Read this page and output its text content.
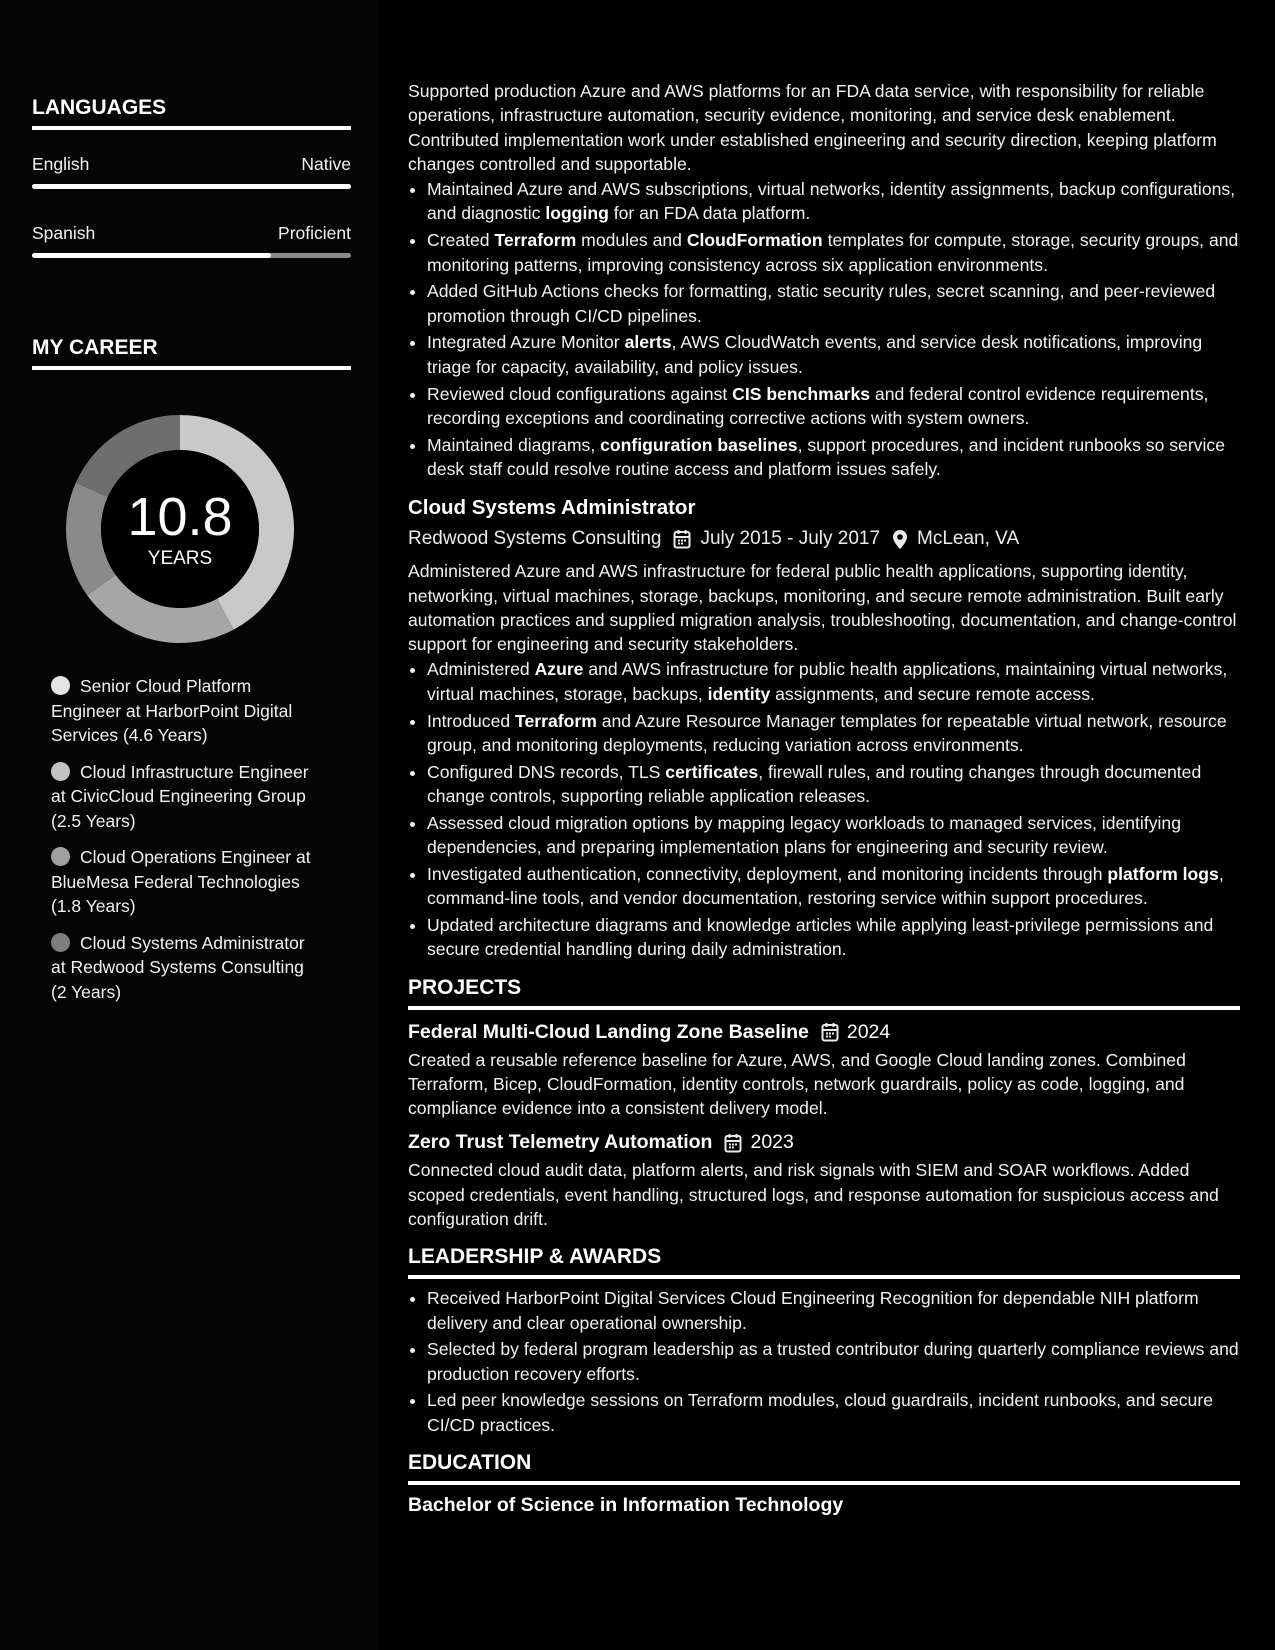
LANGUAGES
English	Native
Spanish	Proficient
MY CAREER
10.8
YEARS
Senior Cloud Platform Engineer at HarborPoint Digital Services (4.6 Years)
Cloud Infrastructure Engineer at CivicCloud Engineering Group (2.5 Years)
Cloud Operations Engineer at BlueMesa Federal Technologies (1.8 Years)
Cloud Systems Administrator at Redwood Systems Consulting (2 Years)

Supported production Azure and AWS platforms for an FDA data service, with responsibility for reliable operations, infrastructure automation, security evidence, monitoring, and service desk enablement. Contributed implementation work under established engineering and security direction, keeping platform changes controlled and supportable.

• Maintained Azure and AWS subscriptions, virtual networks, identity assignments, backup configurations, and diagnostic logging for an FDA data platform.
• Created Terraform modules and CloudFormation templates for compute, storage, security groups, and monitoring patterns, improving consistency across six application environments.
• Added GitHub Actions checks for formatting, static security rules, secret scanning, and peer-reviewed promotion through CI/CD pipelines.
• Integrated Azure Monitor alerts, AWS CloudWatch events, and service desk notifications, improving triage for capacity, availability, and policy issues.
• Reviewed cloud configurations against CIS benchmarks and federal control evidence requirements, recording exceptions and coordinating corrective actions with system owners.
• Maintained diagrams, configuration baselines, support procedures, and incident runbooks so service desk staff could resolve routine access and platform issues safely.
Cloud Systems Administrator
Redwood Systems Consulting July 2015 - July 2017 McLean, VA

Administered Azure and AWS infrastructure for federal public health applications, supporting identity, networking, virtual machines, storage, backups, monitoring, and secure remote administration. Built early automation practices and supplied migration analysis, troubleshooting, documentation, and change-control support for engineering and security stakeholders.

• Administered Azure and AWS infrastructure for public health applications, maintaining virtual networks, virtual machines, storage, backups, identity assignments, and secure remote access.
• Introduced Terraform and Azure Resource Manager templates for repeatable virtual network, resource group, and monitoring deployments, reducing variation across environments.
• Configured DNS records, TLS certificates, firewall rules, and routing changes through documented change controls, supporting reliable application releases.
• Assessed cloud migration options by mapping legacy workloads to managed services, identifying dependencies, and preparing implementation plans for engineering and security review.
• Investigated authentication, connectivity, deployment, and monitoring incidents through platform logs, command-line tools, and vendor documentation, restoring service within support procedures.
• Updated architecture diagrams and knowledge articles while applying least-privilege permissions and secure credential handling during daily administration.
PROJECTS
Federal Multi-Cloud Landing Zone Baseline 2024

Created a reusable reference baseline for Azure, AWS, and Google Cloud landing zones. Combined Terraform, Bicep, CloudFormation, identity controls, network guardrails, policy as code, logging, and compliance evidence into a consistent delivery model.

Zero Trust Telemetry Automation 2023

Connected cloud audit data, platform alerts, and risk signals with SIEM and SOAR workflows. Added scoped credentials, event handling, structured logs, and response automation for suspicious access and configuration drift.

LEADERSHIP & AWARDS
• Received HarborPoint Digital Services Cloud Engineering Recognition for dependable NIH platform delivery and clear operational ownership.
• Selected by federal program leadership as a trusted contributor during quarterly compliance reviews and production recovery efforts.
• Led peer knowledge sessions on Terraform modules, cloud guardrails, incident runbooks, and secure CI/CD practices.
EDUCATION
Bachelor of Science in Information Technology
